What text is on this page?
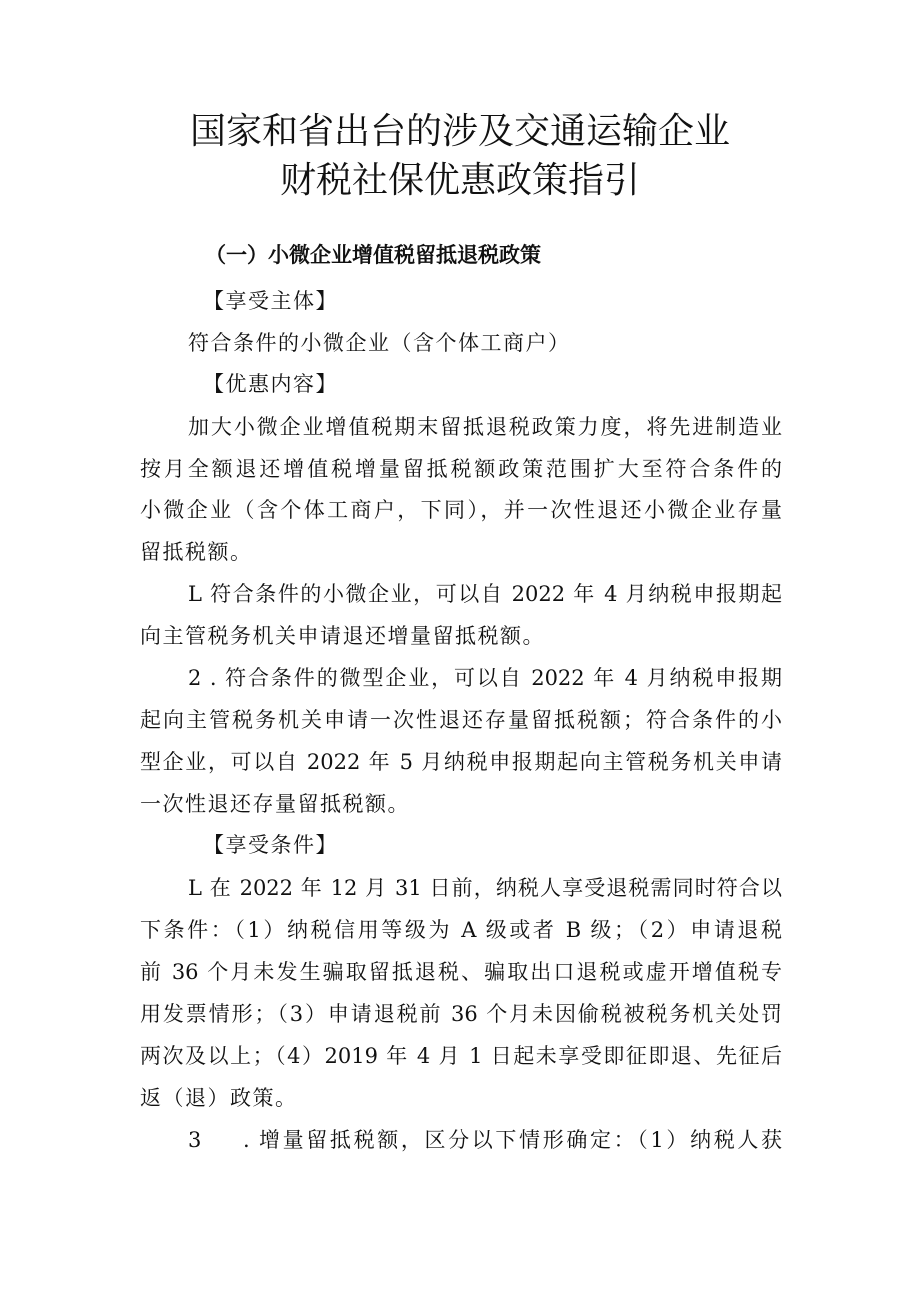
国家和省出台的涉及交通运输企业
财税社保优惠政策指引
（一）小微企业增值税留抵退税政策
【享受主体】
符合条件的小微企业（含个体工商户）
【优惠内容】
加大小微企业增值税期末留抵退税政策力度，将先进制造业
按月全额退还增值税增量留抵税额政策范围扩大至符合条件的
小微企业（含个体工商户，下同），并一次性退还小微企业存量
留抵税额。
L 符合条件的小微企业，可以自 2022 年 4 月纳税申报期起
向主管税务机关申请退还增量留抵税额。
2 . 符合条件的微型企业，可以自 2022 年 4 月纳税申报期
起向主管税务机关申请一次性退还存量留抵税额；符合条件的小
型企业，可以自 2022 年 5 月纳税申报期起向主管税务机关申请
一次性退还存量留抵税额。
【享受条件】
L 在 2022 年 12 月 31 日前，纳税人享受退税需同时符合以
下条件：（1）纳税信用等级为 A 级或者 B 级；（2）申请退税
前 36 个月未发生骗取留抵退税、骗取出口退税或虚开增值税专
用发票情形；（3）申请退税前 36 个月未因偷税被税务机关处罚
两次及以上；（4）2019 年 4 月 1 日起未享受即征即退、先征后
返（退）政策。
3 . 增量留抵税额，区分以下情形确定：（1）纳税人获
